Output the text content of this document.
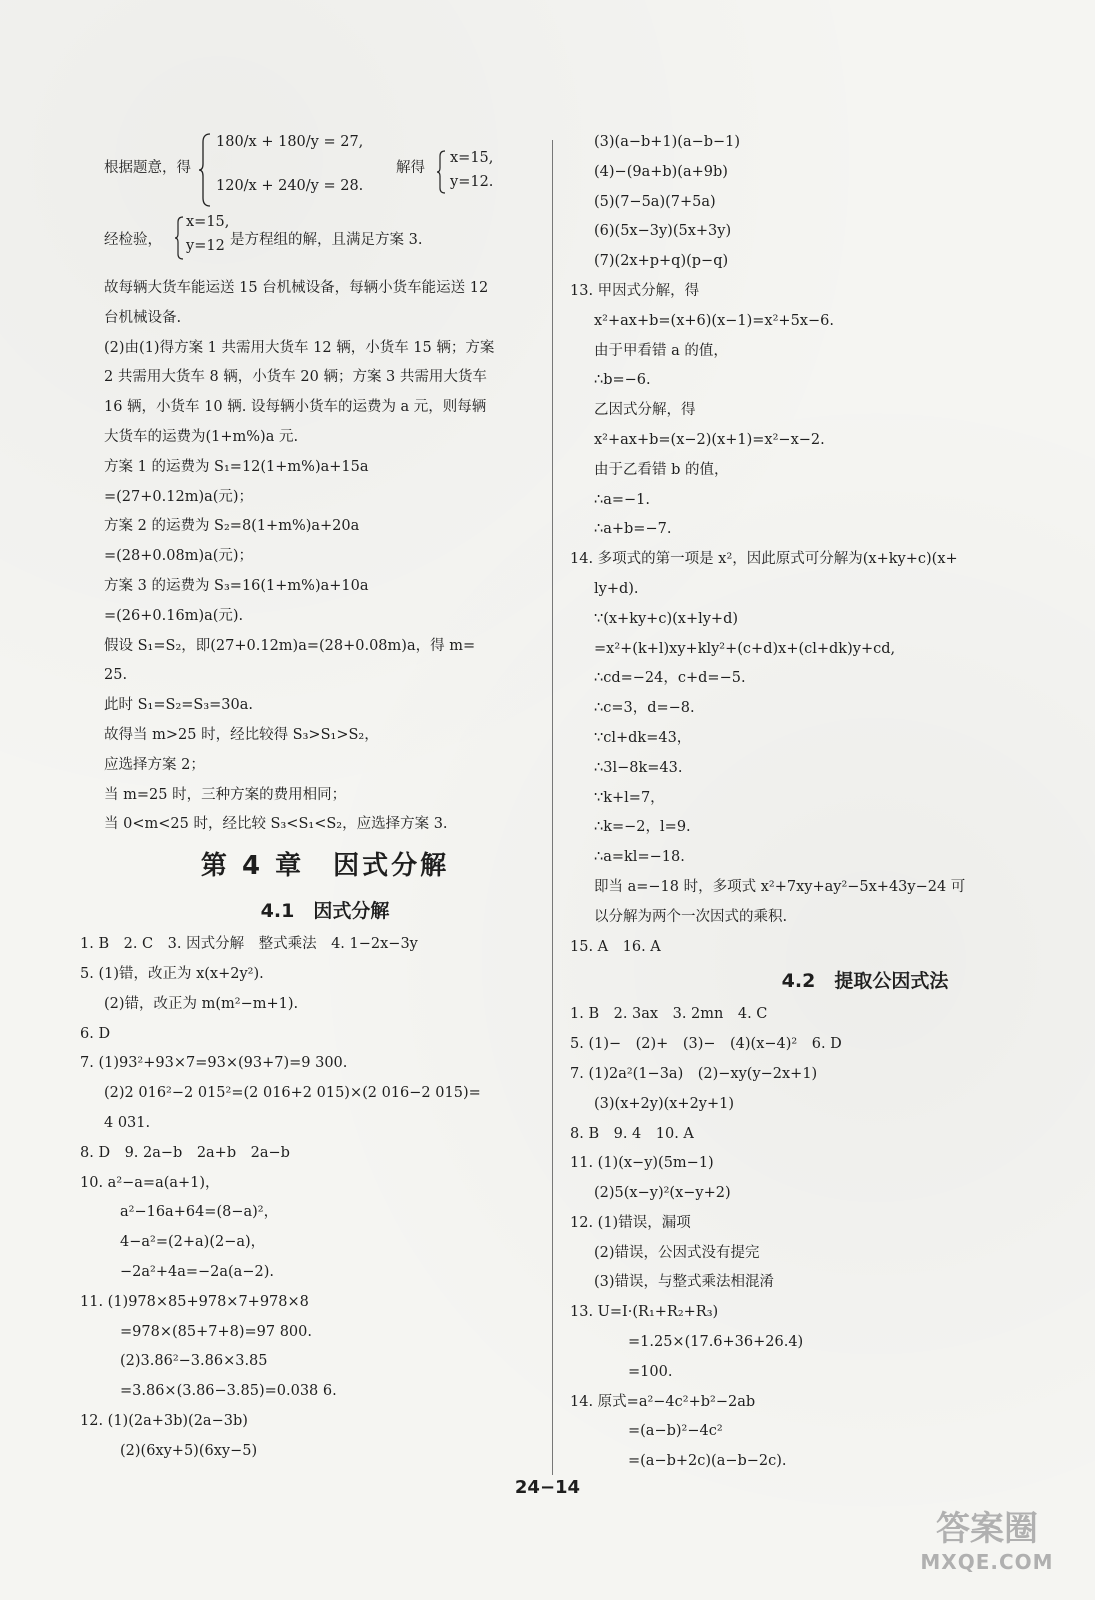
根据题意，得
180/x + 180/y = 27,
120/x + 240/y = 28.
解得
x=15,
y=12.
经检验，
x=15,
y=12 是方程组的解，且满足方案 3.
故每辆大货车能运送 15 台机械设备，每辆小货车能运送 12
台机械设备.
(2)由(1)得方案 1 共需用大货车 12 辆，小货车 15 辆；方案
2 共需用大货车 8 辆，小货车 20 辆；方案 3 共需用大货车
16 辆，小货车 10 辆. 设每辆小货车的运费为 a 元，则每辆
大货车的运费为(1+m%)a 元.
方案 1 的运费为 S₁=12(1+m%)a+15a
=(27+0.12m)a(元)；
方案 2 的运费为 S₂=8(1+m%)a+20a
=(28+0.08m)a(元)；
方案 3 的运费为 S₃=16(1+m%)a+10a
=(26+0.16m)a(元).
假设 S₁=S₂，即(27+0.12m)a=(28+0.08m)a，得 m=
25.
此时 S₁=S₂=S₃=30a.
故得当 m>25 时，经比较得 S₃>S₁>S₂，
应选择方案 2；
当 m=25 时，三种方案的费用相同；
当 0<m<25 时，经比较 S₃<S₁<S₂，应选择方案 3.
第 4 章　因式分解
4.1　因式分解
1. B　2. C　3. 因式分解　整式乘法　4. 1−2x−3y
5. (1)错，改正为 x(x+2y²).
(2)错，改正为 m(m²−m+1).
6. D
7. (1)93²+93×7=93×(93+7)=9 300.
(2)2 016²−2 015²=(2 016+2 015)×(2 016−2 015)=
4 031.
8. D　9. 2a−b　2a+b　2a−b
10. a²−a=a(a+1)，
a²−16a+64=(8−a)²，
4−a²=(2+a)(2−a)，
−2a²+4a=−2a(a−2).
11. (1)978×85+978×7+978×8
=978×(85+7+8)=97 800.
(2)3.86²−3.86×3.85
=3.86×(3.86−3.85)=0.038 6.
12. (1)(2a+3b)(2a−3b)
(2)(6xy+5)(6xy−5)
(3)(a−b+1)(a−b−1)
(4)−(9a+b)(a+9b)
(5)(7−5a)(7+5a)
(6)(5x−3y)(5x+3y)
(7)(2x+p+q)(p−q)
13. 甲因式分解，得
x²+ax+b=(x+6)(x−1)=x²+5x−6.
由于甲看错 a 的值，
∴b=−6.
乙因式分解，得
x²+ax+b=(x−2)(x+1)=x²−x−2.
由于乙看错 b 的值，
∴a=−1.
∴a+b=−7.
14. 多项式的第一项是 x²，因此原式可分解为(x+ky+c)(x+
ly+d).
∵(x+ky+c)(x+ly+d)
=x²+(k+l)xy+kly²+(c+d)x+(cl+dk)y+cd,
∴cd=−24，c+d=−5.
∴c=3，d=−8.
∵cl+dk=43，
∴3l−8k=43.
∵k+l=7，
∴k=−2，l=9.
∴a=kl=−18.
即当 a=−18 时，多项式 x²+7xy+ay²−5x+43y−24 可
以分解为两个一次因式的乘积.
15. A　16. A
4.2　提取公因式法
1. B　2. 3ax　3. 2mn　4. C
5. (1)−　(2)+　(3)−　(4)(x−4)²　6. D
7. (1)2a²(1−3a)　(2)−xy(y−2x+1)
(3)(x+2y)(x+2y+1)
8. B　9. 4　10. A
11. (1)(x−y)(5m−1)
(2)5(x−y)²(x−y+2)
12. (1)错误，漏项
(2)错误，公因式没有提完
(3)错误，与整式乘法相混淆
13. U=I·(R₁+R₂+R₃)
=1.25×(17.6+36+26.4)
=100.
14. 原式=a²−4c²+b²−2ab
=(a−b)²−4c²
=(a−b+2c)(a−b−2c).
24−14
答案圈
MXQE.COM
